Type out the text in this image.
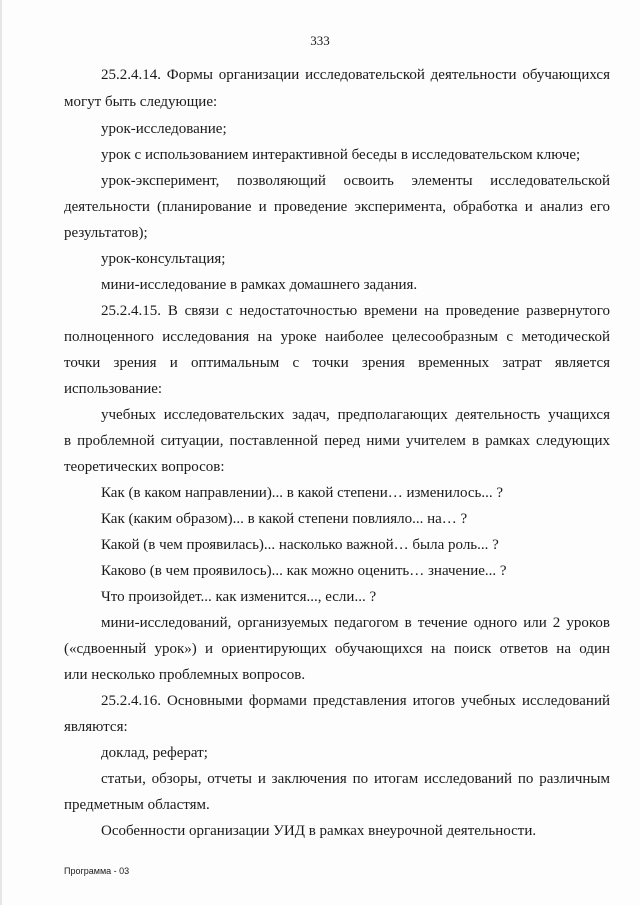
333
25.2.4.14. Формы организации исследовательской деятельности обучающихся
могут быть следующие:
урок-исследование;
урок с использованием интерактивной беседы в исследовательском ключе;
урок-эксперимент, позволяющий освоить элементы исследовательской
деятельности (планирование и проведение эксперимента, обработка и анализ его
результатов);
урок-консультация;
мини-исследование в рамках домашнего задания.
25.2.4.15. В связи с недостаточностью времени на проведение развернутого
полноценного исследования на уроке наиболее целесообразным с методической
точки зрения и оптимальным с точки зрения временных затрат является
использование:
учебных исследовательских задач, предполагающих деятельность учащихся
в проблемной ситуации, поставленной перед ними учителем в рамках следующих
теоретических вопросов:
Как (в каком направлении)... в какой степени… изменилось... ?
Как (каким образом)... в какой степени повлияло... на… ?
Какой (в чем проявилась)... насколько важной… была роль... ?
Каково (в чем проявилось)... как можно оценить… значение... ?
Что произойдет... как изменится..., если... ?
мини-исследований, организуемых педагогом в течение одного или 2 уроков
(«сдвоенный урок») и ориентирующих обучающихся на поиск ответов на один
или несколько проблемных вопросов.
25.2.4.16. Основными формами представления итогов учебных исследований
являются:
доклад, реферат;
статьи, обзоры, отчеты и заключения по итогам исследований по различным
предметным областям.
Особенности организации УИД в рамках внеурочной деятельности.
Программа - 03
